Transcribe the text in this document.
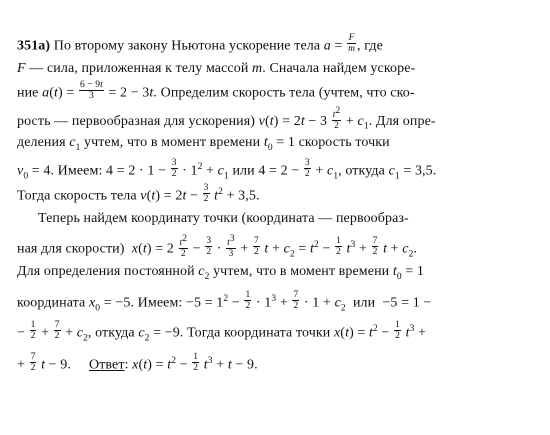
351а) По второму закону Ньютона ускорение тела $a = \frac{F}{m}$ , где
F — сила, приложенная к телу массой m. Сначала найдем ускоре-
ние $a(t) = \frac{6 - 9t}{3} = 2 - 3t$. Определим скорость тела (учтем, что ско-
рость — первообразная для ускорения) $v(t) = 2t - 3 \frac{t^2}{2} + c_1$. Для опре-
деления $c_1$ учтем, что в момент времени $t_0 = 1$ скорость точки
$v_0 = 4$. Имеем: $4 = 2 \cdot 1 - \frac{3}{2} \cdot 1^2 + c_1$ или $4 = 2 - \frac{3}{2} + c_1$, откуда $c_1 = 3,5$.
Тогда скорость тела $v(t) = 2t - \frac{3}{2} t^2 + 3,5$.
Теперь найдем координату точки (координата — первообраз-
ная для скорости)  $x(t) = 2 \frac{t^2}{2} - \frac{3}{2} \cdot \frac{t^3}{3} + \frac{7}{2}$ $t + c_2 = t^2 - \frac{1}{2} t^3 + \frac{7}{2}$ $t + c_2$.
Для определения постоянной $c_2$ учтем, что в момент времени $t_0 = 1$
координата $x_0 = -5$. Имеем: $-5 = 1^2 - \frac{1}{2} \cdot 1^3 + \frac{7}{2} \cdot 1 + c_2$  или  −5 = 1 −
− $\frac{1}{2} + \frac{7}{2} + c_2$, откуда $c_2 = -9$. Тогда координата точки $x(t) = t^2 - \frac{1}{2} t^3$ +
+ $\frac{7}{2}$ t − 9.     Ответ: $x(t) = t^2 - \frac{1}{2} t^3 + t - 9$.
